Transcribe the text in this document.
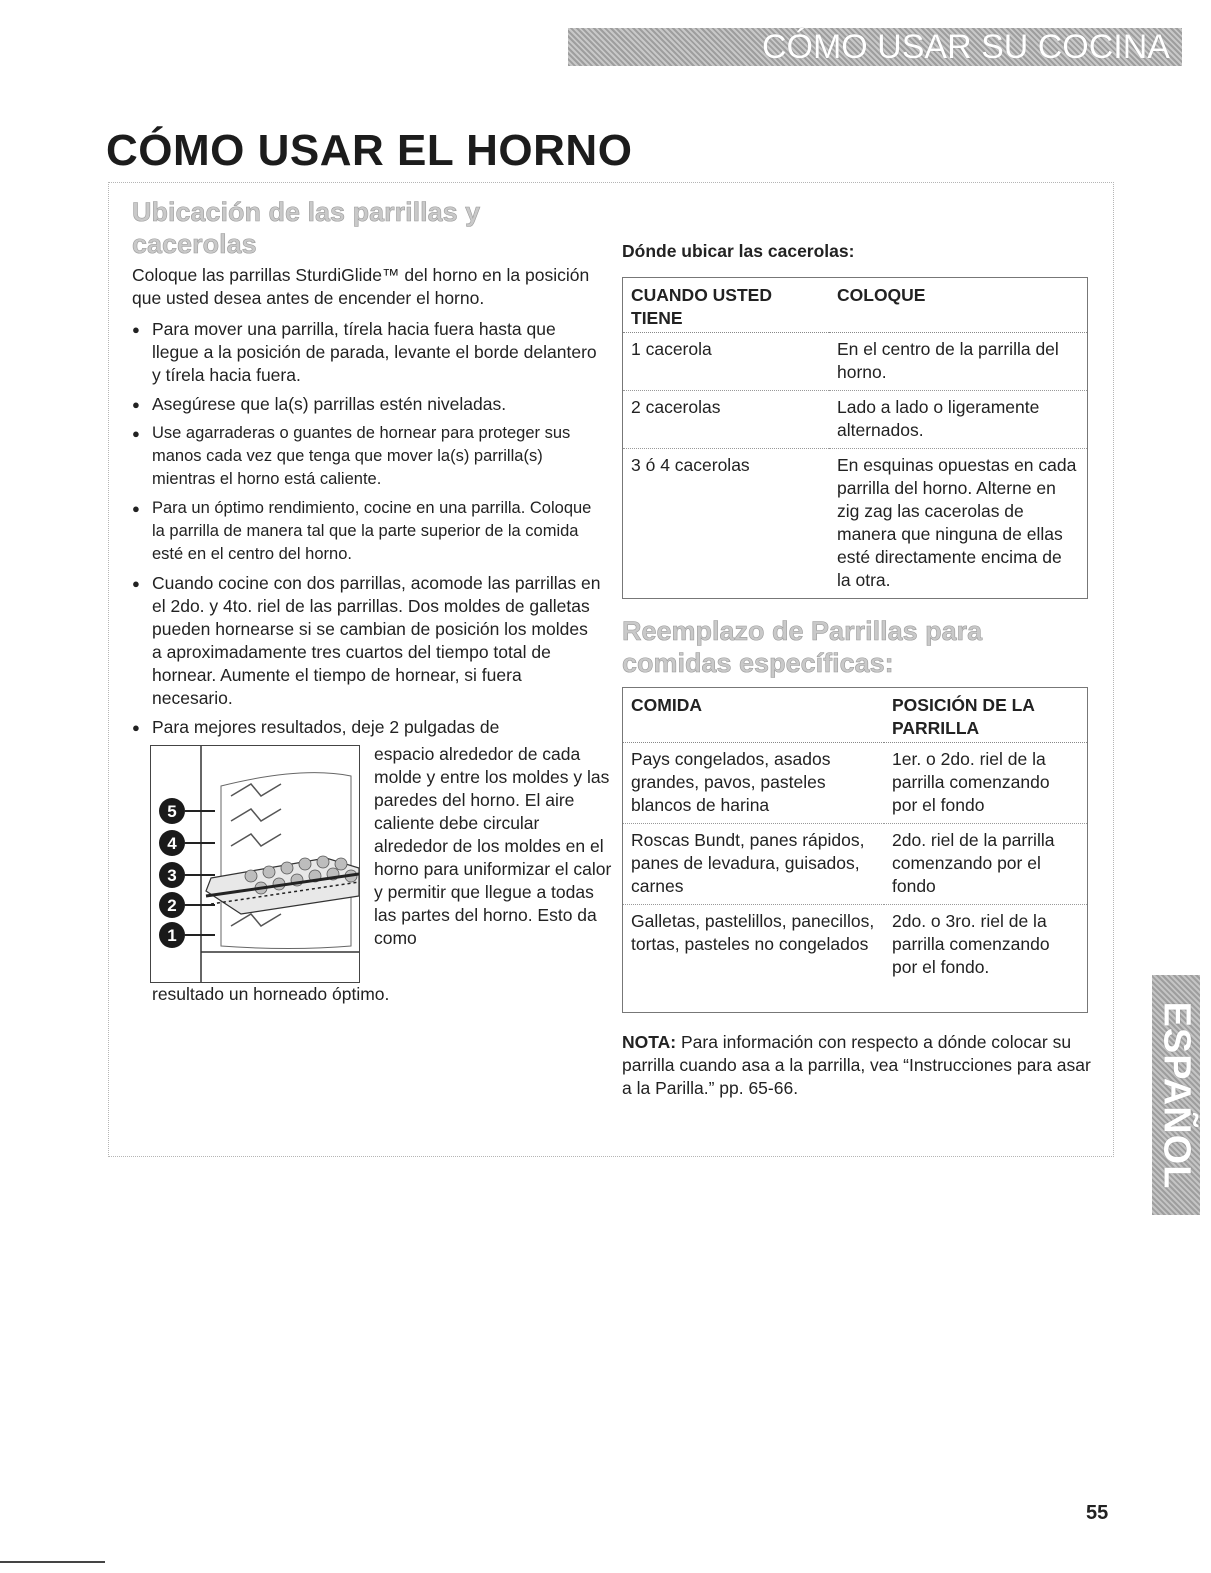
CÓMO USAR SU COCINA
CÓMO USAR EL HORNO
Ubicación de las parrillas y cacerolas

Coloque las parrillas SturdiGlide™ del horno en la posición que usted desea antes de encender el horno.

● Para mover una parrilla, tírela hacia fuera hasta que llegue a la posición de parada, levante el borde delantero y tírela hacia fuera.
● Asegúrese que la(s) parrillas estén niveladas.
● Use agarraderas o guantes de hornear para proteger sus manos cada vez que tenga que mover la(s) parrilla(s) mientras el horno está caliente.
● Para un óptimo rendimiento, cocine en una parrilla. Coloque la parrilla de manera tal que la parte superior de la comida esté en el centro del horno.
● Cuando cocine con dos parrillas, acomode las parrillas en el 2do. y 4to. riel de las parrillas. Dos moldes de galletas pueden hornearse si se cambian de posición los moldes a aproximadamente tres cuartos del tiempo total de hornear. Aumente el tiempo de hornear, si fuera necesario.
● Para mejores resultados, deje 2 pulgadas de
5
4
3
2
1
espacio alrededor de cada molde y entre los moldes y las paredes del horno. El aire caliente debe circular alrededor de los moldes en el horno para uniformizar el calor y permitir que llegue a todas las partes del horno. Esto da como
resultado un horneado óptimo.

Dónde ubicar las cacerolas:

CUANDO USTED TIENE	COLOQUE
1 cacerola	En el centro de la parrilla del horno.
2 cacerolas	Lado a lado o ligeramente alternados.
3 ó 4 cacerolas	En esquinas opuestas en cada parrilla del horno. Alterne en zig zag las cacerolas de manera que ninguna de ellas esté directamente encima de la otra.
Reemplazo de Parrillas para comidas específicas:
COMIDA	POSICIÓN DE LA PARRILLA
Pays congelados, asados grandes, pavos, pasteles blancos de harina	1er. o 2do. riel de la parrilla comenzando por el fondo
Roscas Bundt, panes rápidos, panes de levadura, guisados, carnes	2do. riel de la parrilla comenzando por el fondo
Galletas, pastelillos, panecillos, tortas, pasteles no congelados	2do. o 3ro. riel de la parrilla comenzando por el fondo.

NOTA: Para información con respecto a dónde colocar su parrilla cuando asa a la parrilla, vea “Instrucciones para asar a la Parilla.” pp. 65-66.	ESPAÑOL
55
